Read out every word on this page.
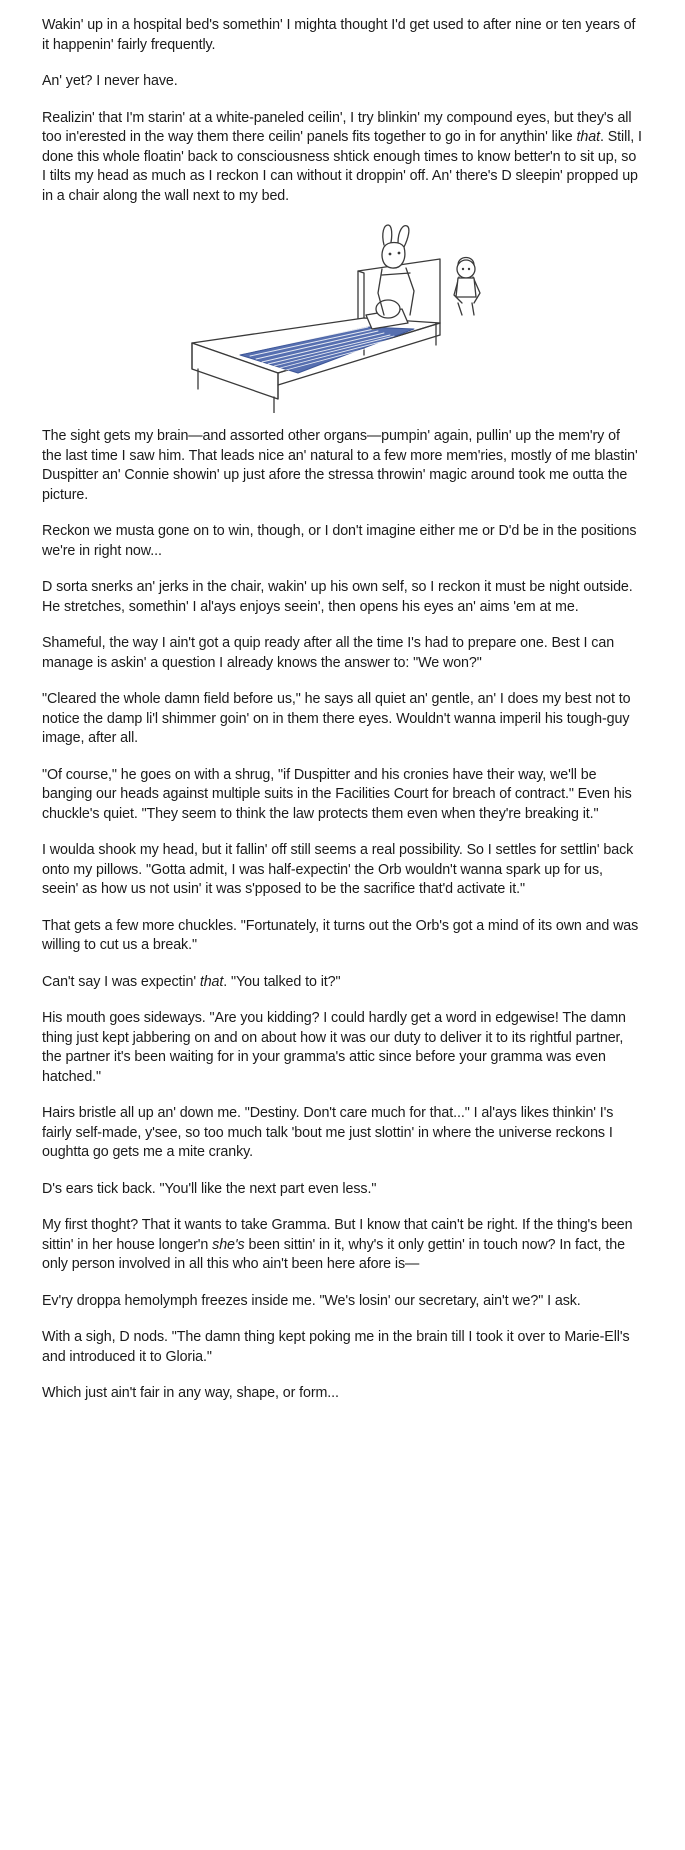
Wakin' up in a hospital bed's somethin' I mighta thought I'd get used to after nine or ten years of it happenin' fairly frequently.

An' yet? I never have.

Realizin' that I'm starin' at a white-paneled ceilin', I try blinkin' my compound eyes, but they's all too in'erested in the way them there ceilin' panels fits together to go in for anythin' like that. Still, I done this whole floatin' back to consciousness shtick enough times to know better'n to sit up, so I tilts my head as much as I reckon I can without it droppin' off. An' there's D sleepin' propped up in a chair along the wall next to my bed.

The sight gets my brain—and assorted other organs—pumpin' again, pullin' up the mem'ry of the last time I saw him. That leads nice an' natural to a few more mem'ries, mostly of me blastin' Duspitter an' Connie showin' up just afore the stressa throwin' magic around took me outta the picture.

Reckon we musta gone on to win, though, or I don't imagine either me or D'd be in the positions we're in right now...

D sorta snerks an' jerks in the chair, wakin' up his own self, so I reckon it must be night outside. He stretches, somethin' I al'ays enjoys seein', then opens his eyes an' aims 'em at me.

Shameful, the way I ain't got a quip ready after all the time I's had to prepare one. Best I can manage is askin' a question I already knows the answer to: "We won?"

"Cleared the whole damn field before us," he says all quiet an' gentle, an' I does my best not to notice the damp li'l shimmer goin' on in them there eyes. Wouldn't wanna imperil his tough-guy image, after all.

"Of course," he goes on with a shrug, "if Duspitter and his cronies have their way, we'll be banging our heads against multiple suits in the Facilities Court for breach of contract." Even his chuckle's quiet. "They seem to think the law protects them even when they're breaking it."

I woulda shook my head, but it fallin' off still seems a real possibility. So I settles for settlin' back onto my pillows. "Gotta admit, I was half-expectin' the Orb wouldn't wanna spark up for us, seein' as how us not usin' it was s'pposed to be the sacrifice that'd activate it."

That gets a few more chuckles. "Fortunately, it turns out the Orb's got a mind of its own and was willing to cut us a break."

Can't say I was expectin' that. "You talked to it?"

His mouth goes sideways. "Are you kidding? I could hardly get a word in edgewise! The damn thing just kept jabbering on and on about how it was our duty to deliver it to its rightful partner, the partner it's been waiting for in your gramma's attic since before your gramma was even hatched."

Hairs bristle all up an' down me. "Destiny. Don't care much for that..." I al'ays likes thinkin' I's fairly self-made, y'see, so too much talk 'bout me just slottin' in where the universe reckons I oughtta go gets me a mite cranky.

D's ears tick back. "You'll like the next part even less."

My first thoght? That it wants to take Gramma. But I know that cain't be right. If the thing's been sittin' in her house longer'n she's been sittin' in it, why's it only gettin' in touch now? In fact, the only person involved in all this who ain't been here afore is—

Ev'ry droppa hemolymph freezes inside me. "We's losin' our secretary, ain't we?" I ask.

With a sigh, D nods. "The damn thing kept poking me in the brain till I took it over to Marie-Ell's and introduced it to Gloria."

Which just ain't fair in any way, shape, or form...
